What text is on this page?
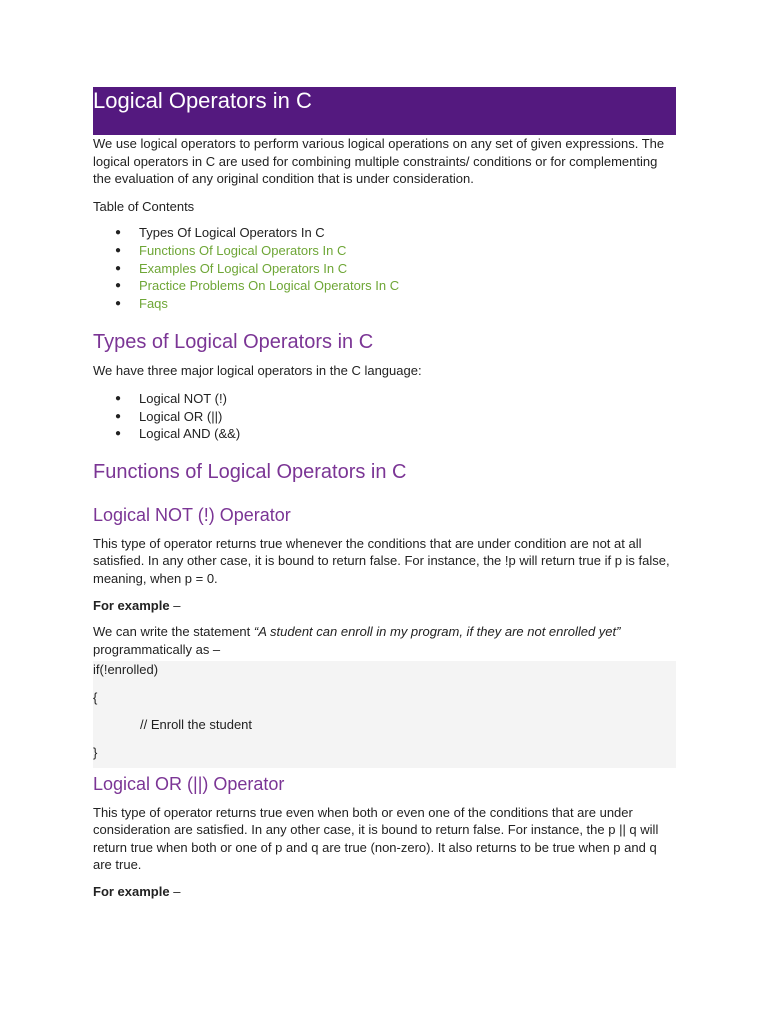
Logical Operators in C

We use logical operators to perform various logical operations on any set of given expressions. The logical operators in C are used for combining multiple constraints/ conditions or for complementing the evaluation of any original condition that is under consideration.

Table of Contents

● Types Of Logical Operators In C
● Functions Of Logical Operators In C
● Examples Of Logical Operators In C
● Practice Problems On Logical Operators In C
● Faqs
Types of Logical Operators in C

We have three major logical operators in the C language:

● Logical NOT (!)
● Logical OR (||)
● Logical AND (&&)
Functions of Logical Operators in C
Logical NOT (!) Operator

This type of operator returns true whenever the conditions that are under condition are not at all satisfied. In any other case, it is bound to return false. For instance, the !p will return true if p is false, meaning, when p = 0.

For example –

We can write the statement “A student can enroll in my program, if they are not enrolled yet” programmatically as –

if(!enrolled)

{

// Enroll the student

}

Logical OR (||) Operator

This type of operator returns true even when both or even one of the conditions that are under consideration are satisfied. In any other case, it is bound to return false. For instance, the p || q will return true when both or one of p and q are true (non-zero). It also returns to be true when p and q are true.

For example –
